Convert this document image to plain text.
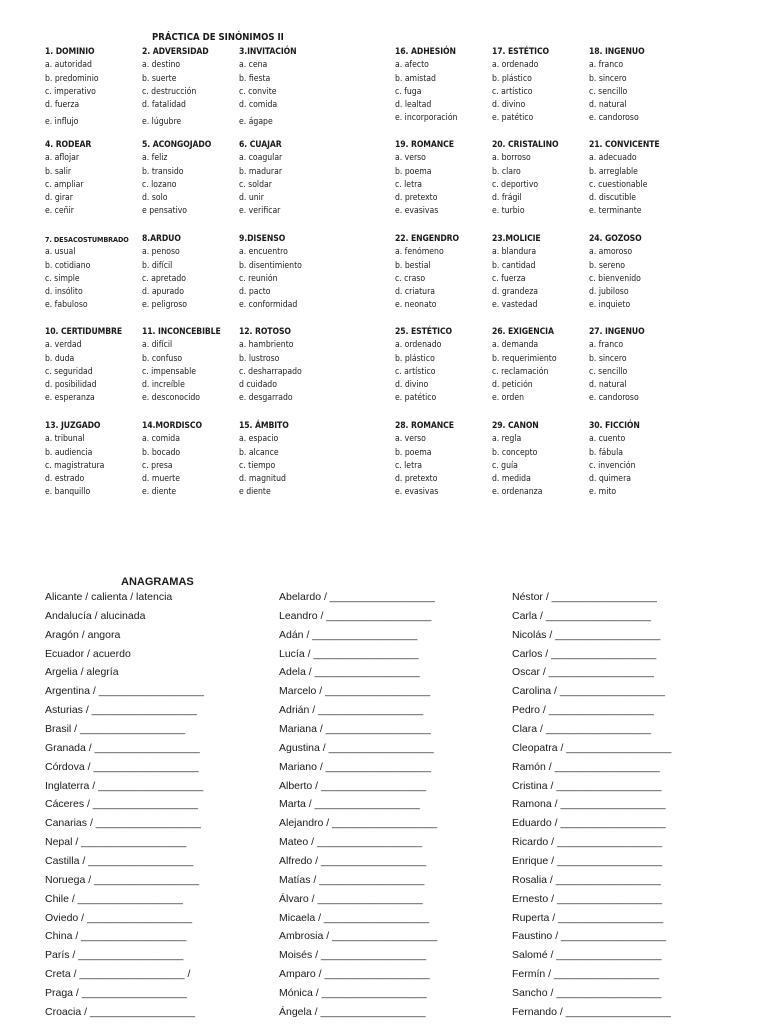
PRÁCTICA DE SINÓNIMOS II
1. DOMINIO
a. autoridad
b. predominio
c. imperativo
d. fuerza
e. influjo
2. ADVERSIDAD
a. destino
b. suerte
c. destrucción
d. fatalidad
e. lúgubre
3.INVITACIÓN
a. cena
b. fiesta
c. convite
d. comida
e. ágape
4. RODEAR
a. aflojar
b. salir
c. ampliar
d. girar
e. ceñir
5. ACONGOJADO
a. feliz
b. transido
c. lozano
d. solo
e pensativo
6. CUAJAR
a. coagular
b. madurar
c. soldar
d. unir
e. verificar
7. DESACOSTUMBRADO
a. usual
b. cotidiano
c. simple
d. insólito
e. fabuloso
8.ARDUO
a. penoso
b. difícil
c. apretado
d. apurado
e. peligroso
9.DISENSO
a. encuentro
b. disentimiento
c. reunión
d. pacto
e. conformidad
10. CERTIDUMBRE
a. verdad
b. duda
c. seguridad
d. posibilidad
e. esperanza
11. INCONCEBIBLE
a. difícil
b. confuso
c. impensable
d. increíble
e. desconocido
12. ROTOSO
a. hambriento
b. lustroso
c. desharrapado
d cuidado
e. desgarrado
13. JUZGADO
a. tribunal
b. audiencia
c. magistratura
d. estrado
e. banquillo
14.MORDISCO
a. comida
b. bocado
c. presa
d. muerte
e. diente
15. ÁMBITO
a. espacio
b. alcance
c. tiempo
d. magnitud
e diente
16. ADHESIÓN
a. afecto
b. amistad
c. fuga
d. lealtad
e. incorporación
17. ESTÉTICO
a. ordenado
b. plástico
c. artístico
d. divino
e. patético
18. INGENUO
a. franco
b. sincero
c. sencillo
d. natural
e. candoroso
19. ROMANCE
a. verso
b. poema
c. letra
d. pretexto
e. evasivas
20. CRISTALINO
a. borroso
b. claro
c. deportivo
d. frágil
e. turbio
21. CONVICENTE
a. adecuado
b. arreglable
c. cuestionable
d. discutible
e. terminante
22. ENGENDRO
a. fenómeno
b. bestial
c. craso
d. criatura
e. neonato
23.MOLICIE
a. blandura
b. cantidad
c. fuerza
d. grandeza
e. vastedad
24. GOZOSO
a. amoroso
b. sereno
c. bienvenido
d. jubiloso
e. inquieto
25. ESTÉTICO
a. ordenado
b. plástico
c. artístico
d. divino
e. patético
26. EXIGENCIA
a. demanda
b. requerimiento
c. reclamación
d. petición
e. orden
27. INGENUO
a. franco
b. sincero
c. sencillo
d. natural
e. candoroso
28. ROMANCE
a. verso
b. poema
c. letra
d. pretexto
e. evasivas
29. CANON
a. regla
b. concepto
c. guía
d. medida
e. ordenanza
30. FICCIÓN
a. cuento
b. fábula
c. invención
d. quimera
e. mito
ANAGRAMAS
Alicante / calienta / latencia
Andalucía / alucinada
Aragón / angora
Ecuador / acuerdo
Argelia / alegría
Argentina / __________________
Asturias / __________________
Brasil / __________________
Granada / __________________
Córdova / __________________
Inglaterra / __________________
Cáceres / __________________
Canarias / __________________
Nepal / __________________
Castilla / __________________
Noruega / __________________
Chile / __________________
Oviedo / __________________
China / __________________
París / __________________
Creta / __________________ /
Praga / __________________
Croacia / __________________
Abelardo / __________________
Leandro / __________________
Adán / __________________
Lucía / __________________
Adela / __________________
Marcelo / __________________
Adrián / __________________
Mariana / __________________
Agustina / __________________
Mariano / __________________
Alberto / __________________
Marta / __________________
Alejandro / __________________
Mateo / __________________
Alfredo / __________________
Matías / __________________
Álvaro / __________________
Micaela / __________________
Ambrosia / __________________
Moisés / __________________
Amparo / __________________
Mónica / __________________
Ángela / __________________
Néstor / __________________
Carla / __________________
Nicolás / __________________
Carlos / __________________
Oscar / __________________
Carolina / __________________
Pedro / __________________
Clara / __________________
Cleopatra / __________________
Ramón / __________________
Cristina / __________________
Ramona / __________________
Eduardo / __________________
Ricardo / __________________
Enrique / __________________
Rosalia / __________________
Ernesto / __________________
Ruperta / __________________
Faustino / __________________
Salomé / __________________
Fermín / __________________
Sancho / __________________
Fernando / __________________
